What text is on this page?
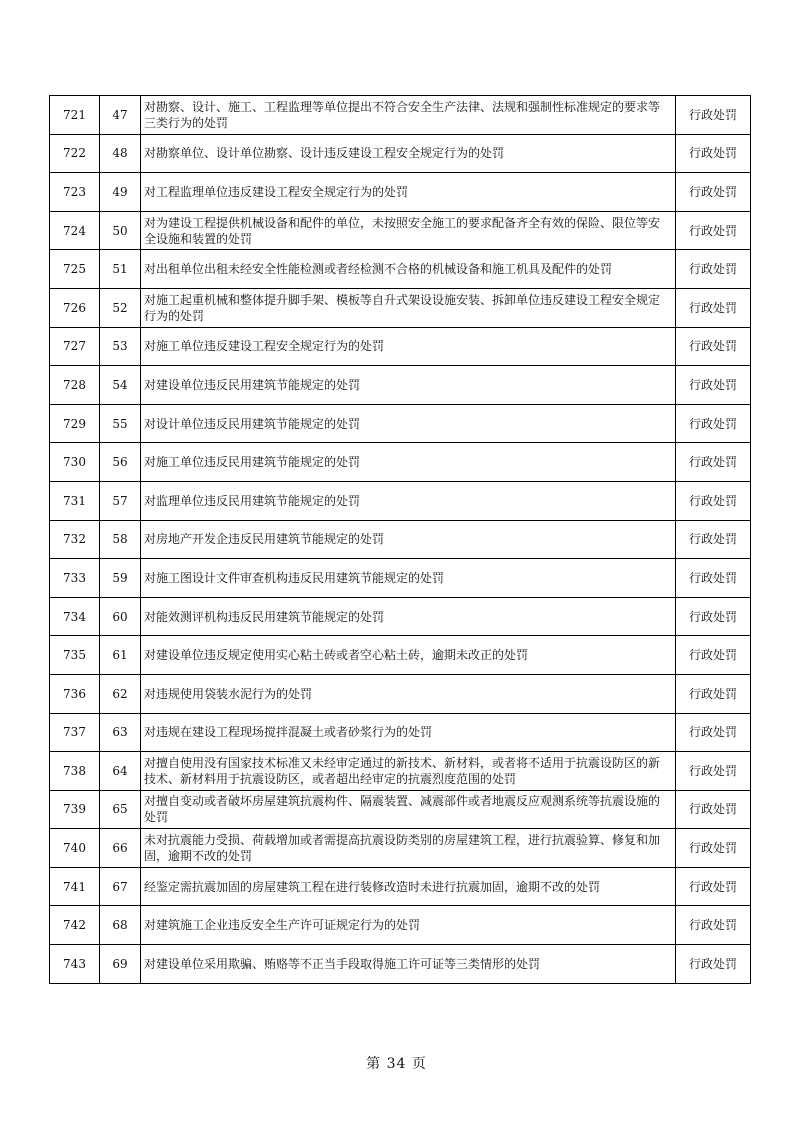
721	47	对勘察、设计、施工、工程监理等单位提出不符合安全生产法律、法规和强制性标准规定的要求等三类行为的处罚	行政处罚
722	48	对勘察单位、设计单位勘察、设计违反建设工程安全规定行为的处罚	行政处罚
723	49	对工程监理单位违反建设工程安全规定行为的处罚	行政处罚
724	50	对为建设工程提供机械设备和配件的单位，未按照安全施工的要求配备齐全有效的保险、限位等安全设施和装置的处罚	行政处罚
725	51	对出租单位出租未经安全性能检测或者经检测不合格的机械设备和施工机具及配件的处罚	行政处罚
726	52	对施工起重机械和整体提升脚手架、模板等自升式架设设施安装、拆卸单位违反建设工程安全规定行为的处罚	行政处罚
727	53	对施工单位违反建设工程安全规定行为的处罚	行政处罚
728	54	对建设单位违反民用建筑节能规定的处罚	行政处罚
729	55	对设计单位违反民用建筑节能规定的处罚	行政处罚
730	56	对施工单位违反民用建筑节能规定的处罚	行政处罚
731	57	对监理单位违反民用建筑节能规定的处罚	行政处罚
732	58	对房地产开发企违反民用建筑节能规定的处罚	行政处罚
733	59	对施工图设计文件审查机构违反民用建筑节能规定的处罚	行政处罚
734	60	对能效测评机构违反民用建筑节能规定的处罚	行政处罚
735	61	对建设单位违反规定使用实心粘土砖或者空心粘土砖，逾期未改正的处罚	行政处罚
736	62	对违规使用袋装水泥行为的处罚	行政处罚
737	63	对违规在建设工程现场搅拌混凝土或者砂浆行为的处罚	行政处罚
738	64	对擅自使用没有国家技术标准又未经审定通过的新技术、新材料，或者将不适用于抗震设防区的新技术、新材料用于抗震设防区，或者超出经审定的抗震烈度范围的处罚	行政处罚
739	65	对擅自变动或者破坏房屋建筑抗震构件、隔震装置、减震部件或者地震反应观测系统等抗震设施的处罚	行政处罚
740	66	未对抗震能力受损、荷载增加或者需提高抗震设防类别的房屋建筑工程，进行抗震验算、修复和加固，逾期不改的处罚	行政处罚
741	67	经鉴定需抗震加固的房屋建筑工程在进行装修改造时未进行抗震加固，逾期不改的处罚	行政处罚
742	68	对建筑施工企业违反安全生产许可证规定行为的处罚	行政处罚
743	69	对建设单位采用欺骗、贿赂等不正当手段取得施工许可证等三类情形的处罚	行政处罚
第 34 页
